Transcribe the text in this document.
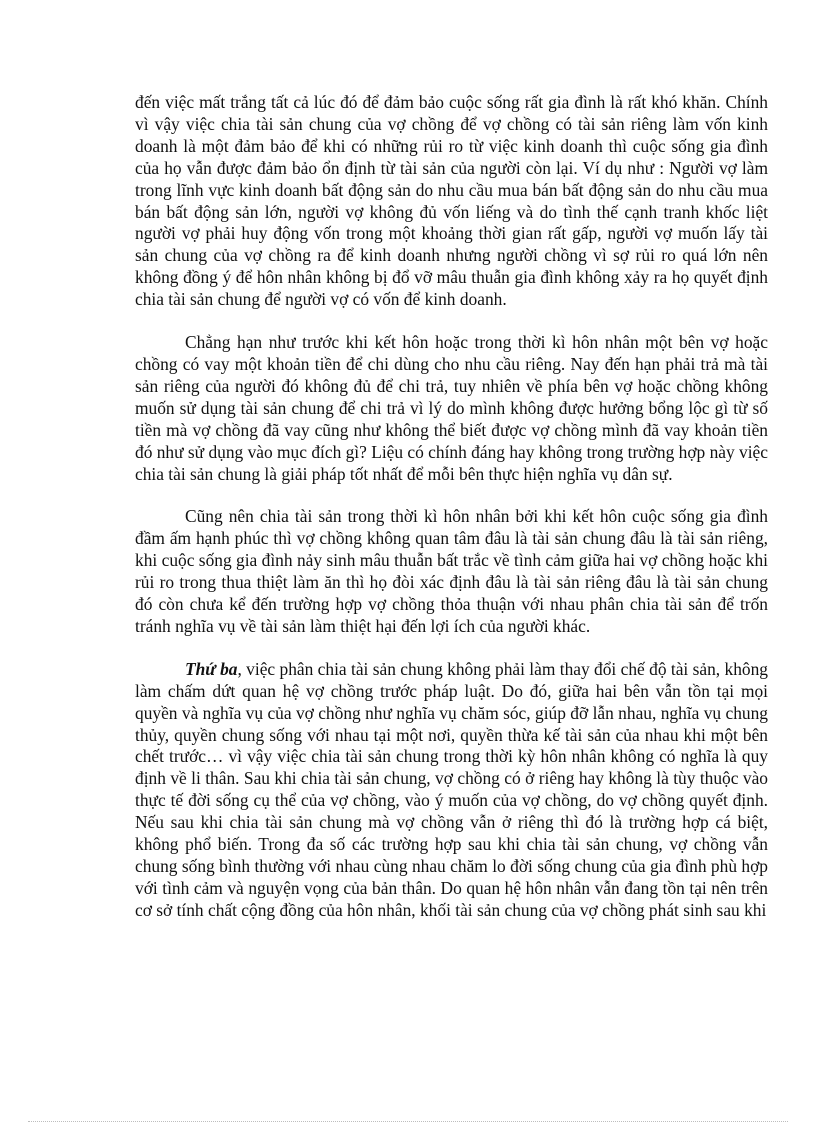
đến việc mất trắng tất cả lúc đó để đảm bảo cuộc sống rất gia đình là rất khó khăn. Chính vì vậy việc chia tài sản chung của vợ chồng để vợ chồng có tài sản riêng làm vốn kinh doanh là một đảm bảo để khi có những rủi ro từ việc kinh doanh thì cuộc sống gia đình của họ vẫn được đảm bảo ổn định từ tài sản của người còn lại. Ví dụ như : Người vợ làm trong lĩnh vực kinh doanh bất động sản do nhu cầu mua bán bất động sản do nhu cầu mua bán bất động sản lớn, người vợ không đủ vốn liếng và do tình thế cạnh tranh khốc liệt người vợ phải huy động vốn trong một khoảng thời gian rất gấp, người vợ muốn lấy tài sản chung của vợ chồng ra để kinh doanh nhưng người chồng vì sợ rủi ro quá lớn nên không đồng ý để hôn nhân không bị đổ vỡ mâu thuẫn gia đình không xảy ra họ quyết định chia tài sản chung để người vợ có vốn để kinh doanh.

Chẳng hạn như trước khi kết hôn hoặc trong thời kì hôn nhân một bên vợ hoặc chồng có vay một khoản tiền để chi dùng cho nhu cầu riêng. Nay đến hạn phải trả mà tài sản riêng của người đó không đủ để chi trả, tuy nhiên về phía bên vợ hoặc chồng không muốn sử dụng tài sản chung để chi trả vì lý do mình không được hưởng bổng lộc gì từ số tiền mà vợ chồng đã vay cũng như không thể biết được vợ chồng mình đã vay khoản tiền đó như sử dụng vào mục đích gì? Liệu có chính đáng hay không trong trường hợp này việc chia tài sản chung là giải pháp tốt nhất để mỗi bên thực hiện nghĩa vụ dân sự.

Cũng nên chia tài sản trong thời kì hôn nhân bởi khi kết hôn cuộc sống gia đình đầm ấm hạnh phúc thì vợ chồng không quan tâm đâu là tài sản chung đâu là tài sản riêng, khi cuộc sống gia đình nảy sinh mâu thuẫn bất trắc về tình cảm giữa hai vợ chồng hoặc khi rủi ro trong thua thiệt làm ăn thì họ đòi xác định đâu là tài sản riêng đâu là tài sản chung đó còn chưa kể đến trường hợp vợ chồng thỏa thuận với nhau phân chia tài sản để trốn tránh nghĩa vụ về tài sản làm thiệt hại đến lợi ích của người khác.

Thứ ba, việc phân chia tài sản chung không phải làm thay đổi chế độ tài sản, không làm chấm dứt quan hệ vợ chồng trước pháp luật. Do đó, giữa hai bên vẫn tồn tại mọi quyền và nghĩa vụ của vợ chồng như nghĩa vụ chăm sóc, giúp đỡ lẫn nhau, nghĩa vụ chung thủy, quyền chung sống với nhau tại một nơi, quyền thừa kế tài sản của nhau khi một bên chết trước… vì vậy việc chia tài sản chung trong thời kỳ hôn nhân không có nghĩa là quy định về li thân. Sau khi chia tài sản chung, vợ chồng có ở riêng hay không là tùy thuộc vào thực tế đời sống cụ thể của vợ chồng, vào ý muốn của vợ chồng, do vợ chồng quyết định. Nếu sau khi chia tài sản chung mà vợ chồng vẫn ở riêng thì đó là trường hợp cá biệt, không phổ biến. Trong đa số các trường hợp sau khi chia tài sản chung, vợ chồng vẫn chung sống bình thường với nhau cùng nhau chăm lo đời sống chung của gia đình phù hợp với tình cảm và nguyện vọng của bản thân. Do quan hệ hôn nhân vẫn đang tồn tại nên trên cơ sở tính chất cộng đồng của hôn nhân, khối tài sản chung của vợ chồng phát sinh sau khi
